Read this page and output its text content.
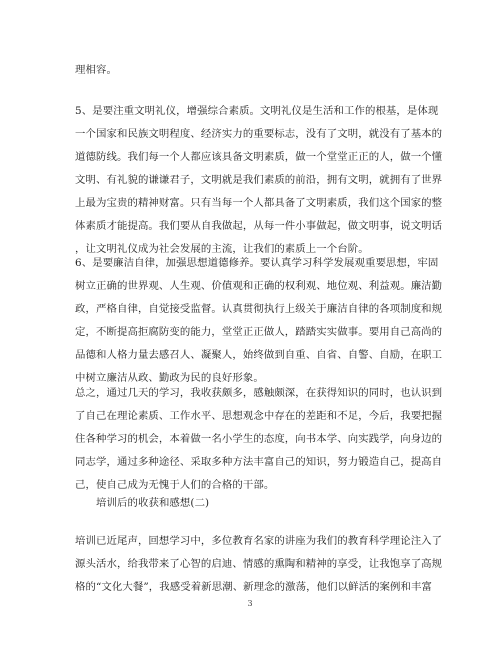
理相容。

5、是要注重文明礼仪，增强综合素质。文明礼仪是生活和工作的根基，是体现
一个国家和民族文明程度、经济实力的重要标志，没有了文明，就没有了基本的
道德防线。我们每一个人都应该具备文明素质，做一个堂堂正正的人，做一个懂
文明、有礼貌的谦谦君子，文明就是我们素质的前沿，拥有文明，就拥有了世界
上最为宝贵的精神财富。只有当每一个人都具备了文明素质，我们这个国家的整
体素质才能提高。我们要从自我做起，从每一件小事做起，做文明事，说文明话
，让文明礼仪成为社会发展的主流，让我们的素质上一个台阶。

6、是要廉洁自律，加强思想道德修养。要认真学习科学发展观重要思想，牢固
树立正确的世界观、人生观、价值观和正确的权利观、地位观、利益观。廉洁勤
政，严格自律，自觉接受监督。认真贯彻执行上级关于廉洁自律的各项制度和规
定，不断提高拒腐防变的能力，堂堂正正做人，踏踏实实做事。要用自己高尚的
品德和人格力量去感召人、凝聚人，始终做到自重、自省、自警、自励，在职工
中树立廉洁从政、勤政为民的良好形象。

总之，通过几天的学习，我收获颇多，感触颇深，在获得知识的同时，也认识到
了自己在理论素质、工作水平、思想观念中存在的差距和不足，今后，我要把握
住各种学习的机会，本着做一名小学生的态度，向书本学、向实践学，向身边的
同志学，通过多种途径、采取多种方法丰富自己的知识，努力锻造自己，提高自
己，使自己成为无愧于人们的合格的干部。

培训后的收获和感想(二)

培训已近尾声，回想学习中，多位教育名家的讲座为我们的教育科学理论注入了
源头活水，给我带来了心智的启迪、情感的熏陶和精神的享受，让我饱享了高规
格的“文化大餐”，我感受着新思潮、新理念的激荡，他们以鲜活的案例和丰富

3
